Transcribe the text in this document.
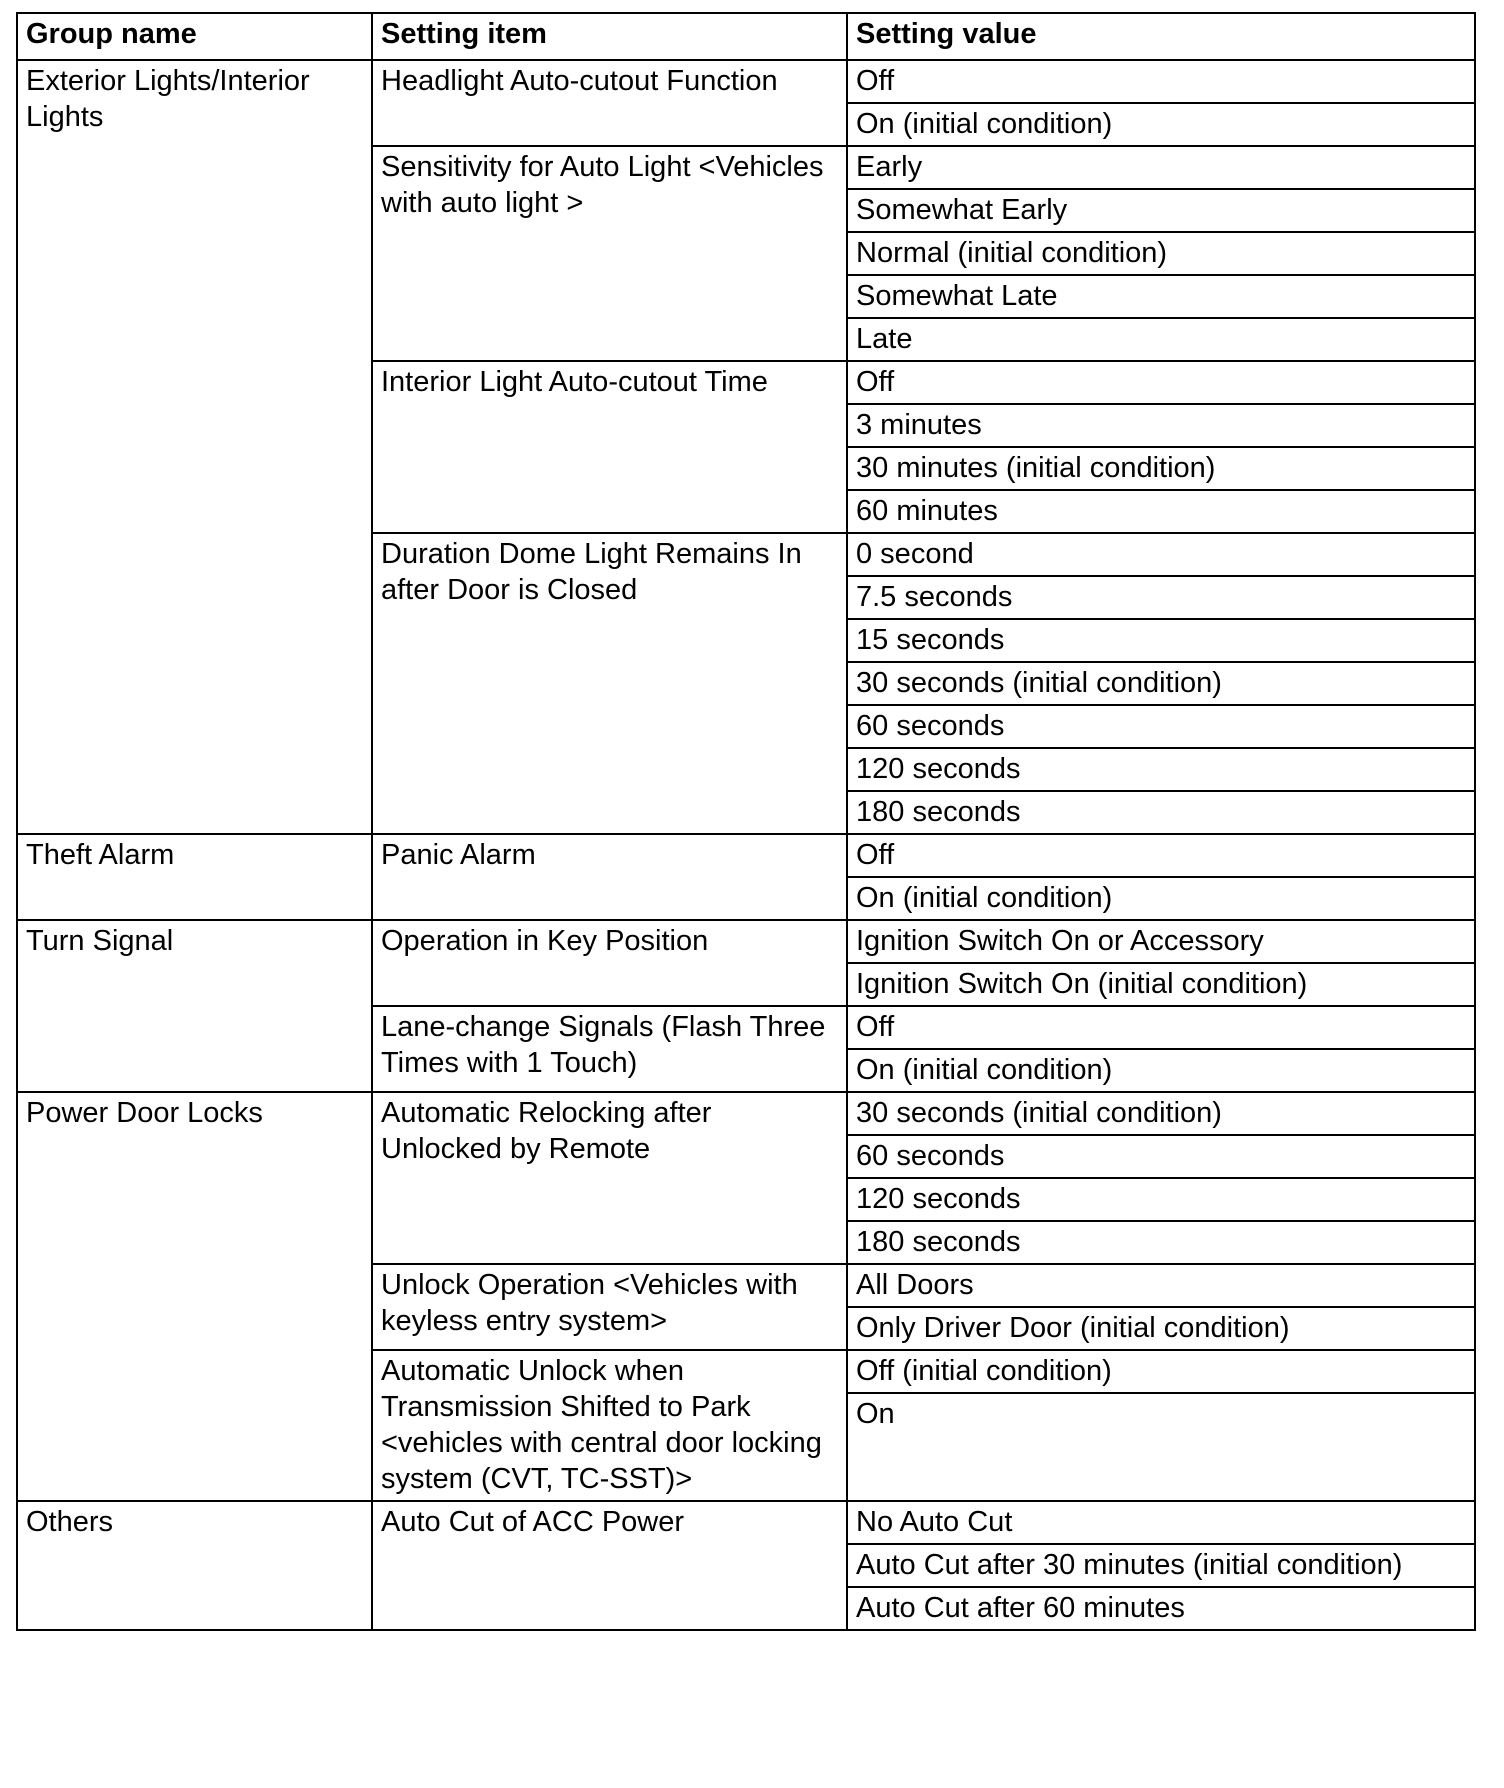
Group name	Setting item	Setting value
Exterior Lights/Interior Lights	Headlight Auto-cutout Function	Off
		On (initial condition)
	Sensitivity for Auto Light <Vehicles with auto light >	Early
		Somewhat Early
		Normal (initial condition)
		Somewhat Late
		Late
	Interior Light Auto-cutout Time	Off
		3 minutes
		30 minutes (initial condition)
		60 minutes
	Duration Dome Light Remains In after Door is Closed	0 second
		7.5 seconds
		15 seconds
		30 seconds (initial condition)
		60 seconds
		120 seconds
		180 seconds
Theft Alarm	Panic Alarm	Off
		On (initial condition)
Turn Signal	Operation in Key Position	Ignition Switch On or Accessory
		Ignition Switch On (initial condition)
	Lane-change Signals (Flash Three Times with 1 Touch)	Off
		On (initial condition)
Power Door Locks	Automatic Relocking after Unlocked by Remote	30 seconds (initial condition)
		60 seconds
		120 seconds
		180 seconds
	Unlock Operation <Vehicles with keyless entry system>	All Doors
		Only Driver Door (initial condition)
	Automatic Unlock when Transmission Shifted to Park <vehicles with central door locking system (CVT, TC-SST)>	Off (initial condition)
		On
Others	Auto Cut of ACC Power	No Auto Cut
		Auto Cut after 30 minutes (initial condition)
		Auto Cut after 60 minutes
